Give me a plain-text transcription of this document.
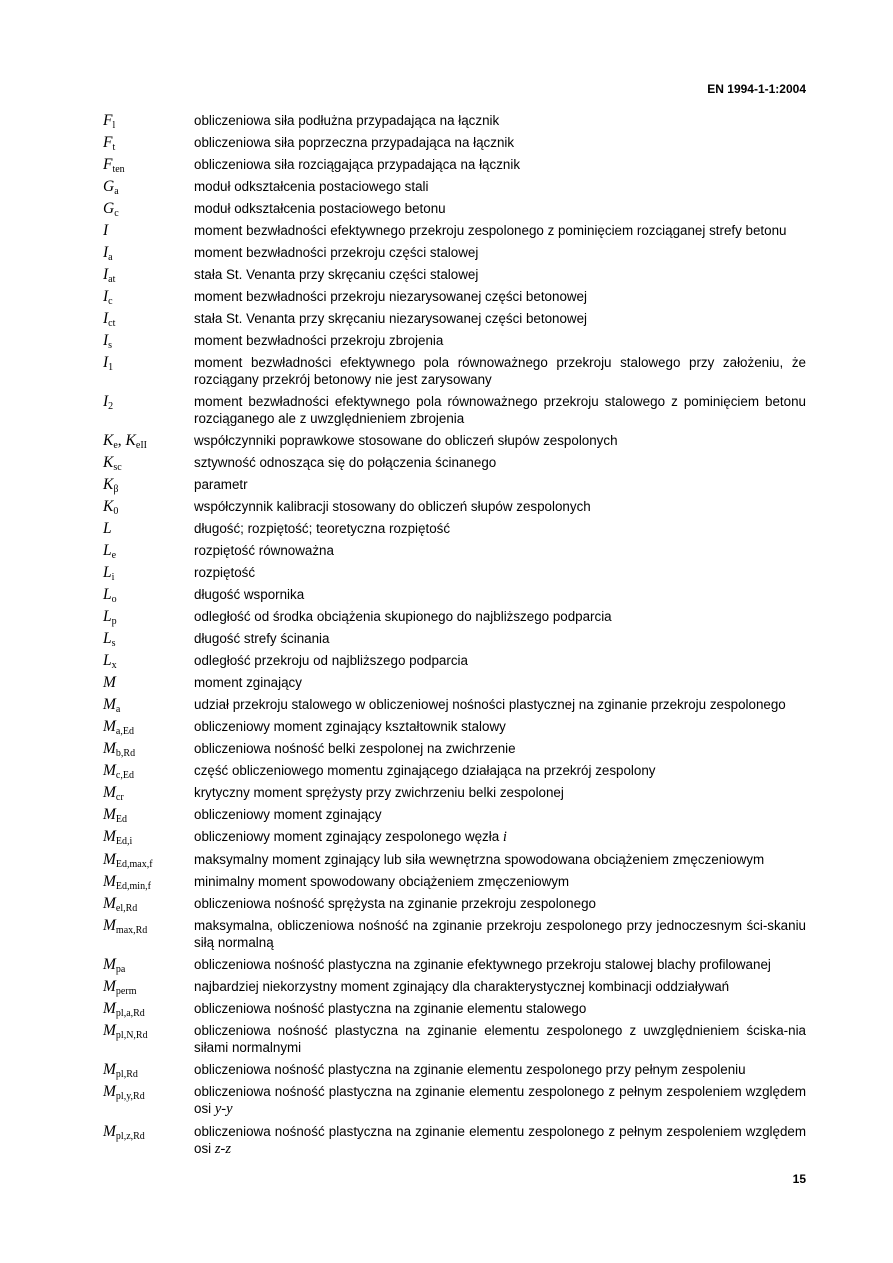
EN 1994-1-1:2004
$F_l$	obliczeniowa siła podłużna przypadająca na łącznik
$F_t$	obliczeniowa siła poprzeczna przypadająca na łącznik
$F_{ten}$	obliczeniowa siła rozciągająca przypadająca na łącznik
$G_a$	moduł odkształcenia postaciowego stali
$G_c$	moduł odkształcenia postaciowego betonu
I	moment bezwładności efektywnego przekroju zespolonego z pominięciem rozciąganej strefy betonu
$I_a$	moment bezwładności przekroju części stalowej
$I_{at}$	stała St. Venanta przy skręcaniu części stalowej
$I_c$	moment bezwładności przekroju niezarysowanej części betonowej
$I_{ct}$	stała St. Venanta przy skręcaniu niezarysowanej części betonowej
$I_s$	moment bezwładności przekroju zbrojenia
$I_1$	moment bezwładności efektywnego pola równoważnego przekroju stalowego przy założeniu, że rozciągany przekrój betonowy nie jest zarysowany
$I_2$	moment bezwładności efektywnego pola równoważnego przekroju stalowego z pominięciem betonu rozciąganego ale z uwzględnieniem zbrojenia
$K_e$, $K_{eII}$	współczynniki poprawkowe stosowane do obliczeń słupów zespolonych
$K_{sc}$	sztywność odnosząca się do połączenia ścinanego
$K_\beta$	parametr
$K_0$	współczynnik kalibracji stosowany do obliczeń słupów zespolonych
L	długość; rozpiętość; teoretyczna rozpiętość
$L_e$	rozpiętość równoważna
$L_i$	rozpiętość
$L_o$	długość wspornika
$L_p$	odległość od środka obciążenia skupionego do najbliższego podparcia
$L_s$	długość strefy ścinania
$L_x$	odległość przekroju od najbliższego podparcia
M	moment zginający
$M_a$	udział przekroju stalowego w obliczeniowej nośności plastycznej na zginanie przekroju zespolonego
$M_{a,Ed}$	obliczeniowy moment zginający kształtownik stalowy
$M_{b,Rd}$	obliczeniowa nośność belki zespolonej na zwichrzenie
$M_{c,Ed}$	część obliczeniowego momentu zginającego działająca na przekrój zespolony
$M_{cr}$	krytyczny moment sprężysty przy zwichrzeniu belki zespolonej
$M_{Ed}$	obliczeniowy moment zginający
$M_{Ed,i}$	obliczeniowy moment zginający zespolonego węzła i
$M_{Ed,max,f}$	maksymalny moment zginający lub siła wewnętrzna spowodowana obciążeniem zmęczeniowym
$M_{Ed,min,f}$	minimalny moment spowodowany obciążeniem zmęczeniowym
$M_{el,Rd}$	obliczeniowa nośność sprężysta na zginanie przekroju zespolonego
$M_{max,Rd}$	maksymalna, obliczeniowa nośność na zginanie przekroju zespolonego przy jednoczesnym ści-skaniu siłą normalną
$M_{pa}$	obliczeniowa nośność plastyczna na zginanie efektywnego przekroju stalowej blachy profilowanej
$M_{perm}$	najbardziej niekorzystny moment zginający dla charakterystycznej kombinacji oddziaływań
$M_{pl,a,Rd}$	obliczeniowa nośność plastyczna na zginanie elementu stalowego
$M_{pl,N,Rd}$	obliczeniowa nośność plastyczna na zginanie elementu zespolonego z uwzględnieniem ściska-nia siłami normalnymi
$M_{pl,Rd}$	obliczeniowa nośność plastyczna na zginanie elementu zespolonego przy pełnym zespoleniu
$M_{pl,y,Rd}$	obliczeniowa nośność plastyczna na zginanie elementu zespolonego z pełnym zespoleniem względem osi y-y
$M_{pl,z,Rd}$	obliczeniowa nośność plastyczna na zginanie elementu zespolonego z pełnym zespoleniem względem osi z-z
15
